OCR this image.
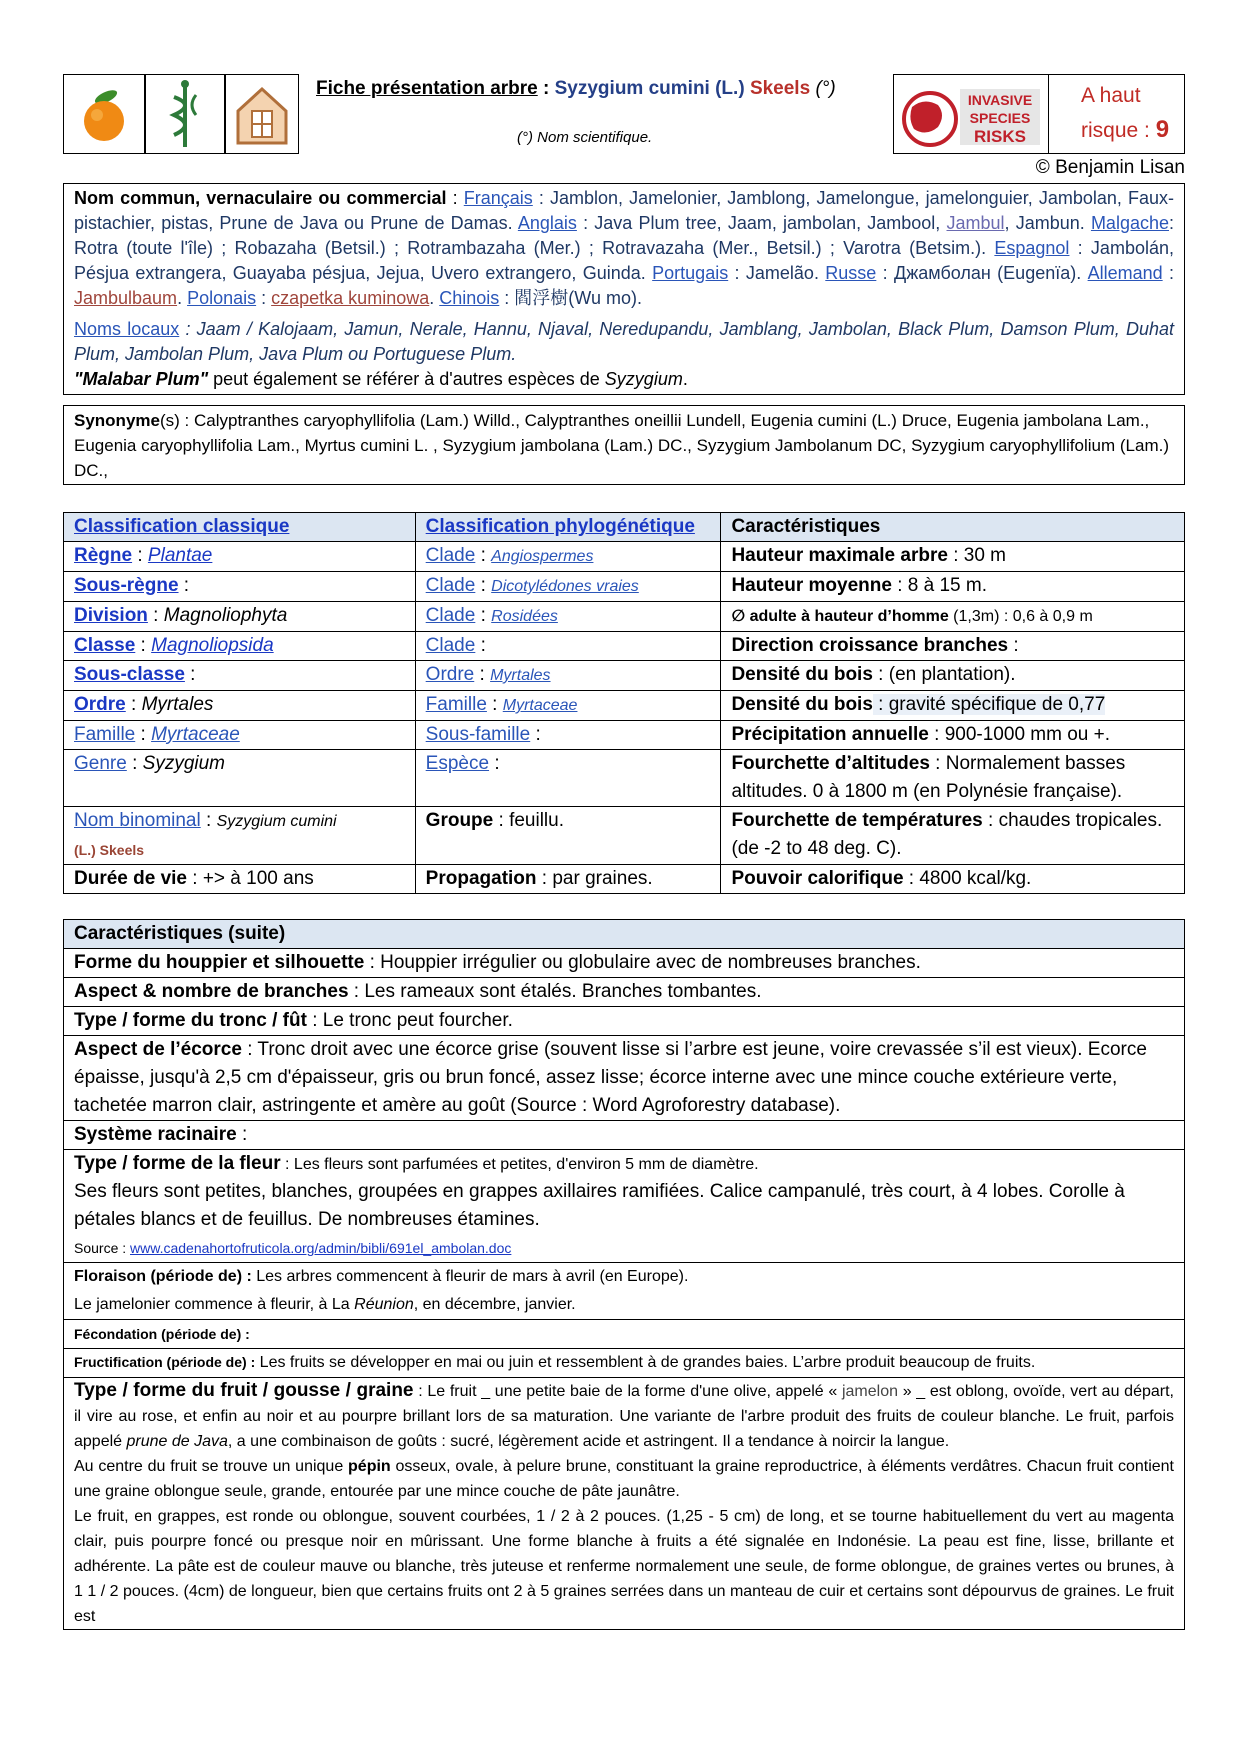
Fiche présentation arbre : Syzygium cumini (L.) Skeels (°)
(°) Nom scientifique.
INVASIVE
SPECIES
RISKS
A haut
risque : 9
© Benjamin Lisan
Nom commun, vernaculaire ou commercial : Français : Jamblon, Jamelonier, Jamblong, Jamelongue, jamelonguier, Jambolan, Faux-pistachier, pistas, Prune de Java ou Prune de Damas. Anglais : Java Plum tree, Jaam, jambolan, Jambool, Jambul, Jambun. Malgache: Rotra (toute l'île) ; Robazaha (Betsil.) ; Rotrambazaha (Mer.) ; Rotravazaha (Mer., Betsil.) ; Varotra (Betsim.). Espagnol : Jambolán, Pésjua extrangera, Guayaba pésjua, Jejua, Uvero extrangero, Guinda. Portugais : Jamelão. Russe : Джамболан (Eugenïa). Allemand : Jambulbaum. Polonais : czapetka kuminowa. Chinois : 閻浮樹(Wu mo).
Noms locaux : Jaam / Kalojaam, Jamun, Nerale, Hannu, Njaval, Neredupandu, Jamblang, Jambolan, Black Plum, Damson Plum, Duhat Plum, Jambolan Plum, Java Plum ou Portuguese Plum.
"Malabar Plum" peut également se référer à d'autres espèces de Syzygium.
Synonyme(s) : Calyptranthes caryophyllifolia (Lam.) Willd., Calyptranthes oneillii Lundell, Eugenia cumini (L.) Druce, Eugenia jambolana Lam., Eugenia caryophyllifolia Lam., Myrtus cumini L. , Syzygium jambolana (Lam.) DC., Syzygium Jambolanum DC, Syzygium caryophyllifolium (Lam.) DC.,
Classification classique	Classification phylogénétique	Caractéristiques
Règne : Plantae	Clade : Angiospermes	Hauteur maximale arbre : 30 m
Sous-règne :	Clade : Dicotylédones vraies	Hauteur moyenne : 8 à 15 m.
Division : Magnoliophyta	Clade : Rosidées	∅ adulte à hauteur d’homme (1,3m) : 0,6 à 0,9 m
Classe : Magnoliopsida	Clade :	Direction croissance branches :
Sous-classe :	Ordre : Myrtales	Densité du bois : (en plantation).
Ordre : Myrtales	Famille : Myrtaceae	Densité du bois : gravité spécifique de 0,77
Famille : Myrtaceae	Sous-famille :	Précipitation annuelle : 900-1000 mm ou +.
Genre : Syzygium	Espèce :	Fourchette d’altitudes : Normalement basses altitudes. 0 à 1800 m (en Polynésie française).
Nom binominal : Syzygium cumini
(L.) Skeels	Groupe : feuillu.	Fourchette de températures : chaudes tropicales. (de -2 to 48 deg. C).
Durée de vie : +> à 100 ans	Propagation : par graines.	Pouvoir calorifique : 4800 kcal/kg.
Caractéristiques (suite)
Forme du houppier et silhouette : Houppier irrégulier ou globulaire avec de nombreuses branches.
Aspect & nombre de branches : Les rameaux sont étalés. Branches tombantes.
Type / forme du tronc / fût : Le tronc peut fourcher.
Aspect de l’écorce : Tronc droit avec une écorce grise (souvent lisse si l’arbre est jeune, voire crevassée s’il est vieux). Ecorce épaisse, jusqu'à 2,5 cm d'épaisseur, gris ou brun foncé, assez lisse; écorce interne avec une mince couche extérieure verte, tachetée marron clair, astringente et amère au goût (Source : Word Agroforestry database).
Système racinaire :
Type / forme de la fleur : Les fleurs sont parfumées et petites, d'environ 5 mm de diamètre.
Ses fleurs sont petites, blanches, groupées en grappes axillaires ramifiées. Calice campanulé, très court, à 4 lobes. Corolle à pétales blancs et de feuillus. De nombreuses étamines.
Source : www.cadenahortofruticola.org/admin/bibli/691el_ambolan.doc
Floraison (période de) : Les arbres commencent à fleurir de mars à avril (en Europe).
Le jamelonier commence à fleurir, à La Réunion, en décembre, janvier.
Fécondation (période de) :
Fructification (période de) : Les fruits se développer en mai ou juin et ressemblent à de grandes baies. L’arbre produit beaucoup de fruits.
Type / forme du fruit / gousse / graine : Le fruit _ une petite baie de la forme d'une olive, appelé « jamelon » _ est oblong, ovoïde, vert au départ, il vire au rose, et enfin au noir et au pourpre brillant lors de sa maturation. Une variante de l'arbre produit des fruits de couleur blanche. Le fruit, parfois appelé prune de Java, a une combinaison de goûts : sucré, légèrement acide et astringent. Il a tendance à noircir la langue.
Au centre du fruit se trouve un unique pépin osseux, ovale, à pelure brune, constituant la graine reproductrice, à éléments verdâtres. Chacun fruit contient une graine oblongue seule, grande, entourée par une mince couche de pâte jaunâtre.
Le fruit, en grappes, est ronde ou oblongue, souvent courbées, 1 / 2 à 2 pouces. (1,25 - 5 cm) de long, et se tourne habituellement du vert au magenta clair, puis pourpre foncé ou presque noir en mûrissant. Une forme blanche à fruits a été signalée en Indonésie. La peau est fine, lisse, brillante et adhérente. La pâte est de couleur mauve ou blanche, très juteuse et renferme normalement une seule, de forme oblongue, de graines vertes ou brunes, à 1 1 / 2 pouces. (4cm) de longueur, bien que certains fruits ont 2 à 5 graines serrées dans un manteau de cuir et certains sont dépourvus de graines. Le fruit est
